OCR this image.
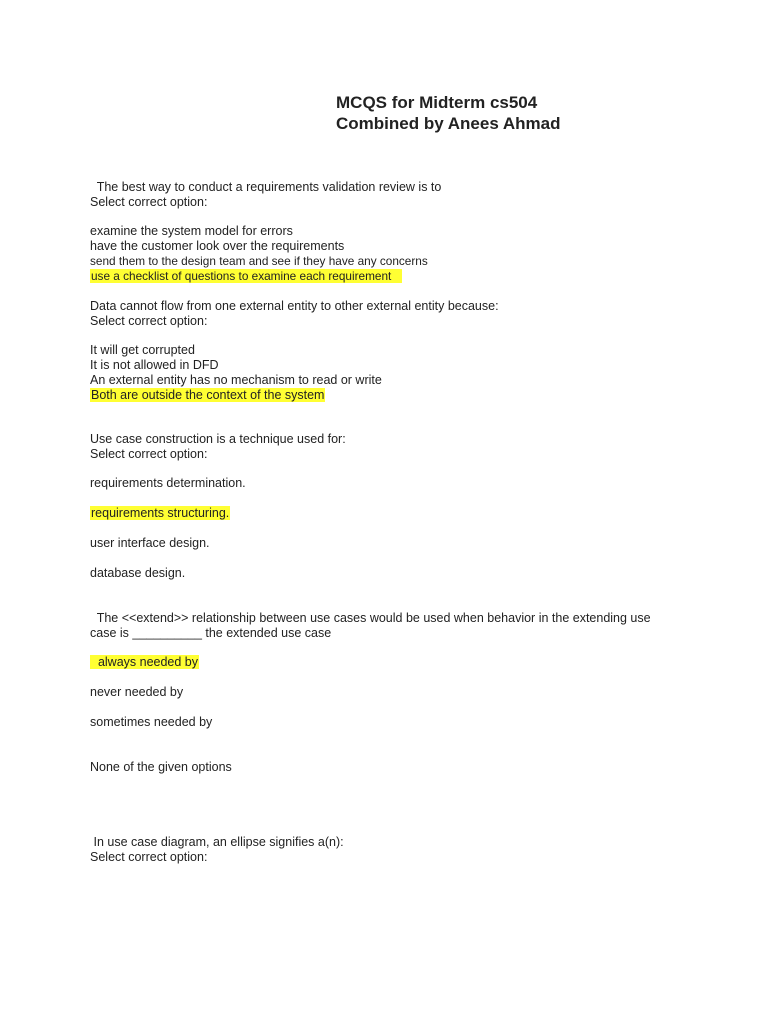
MCQS for Midterm cs504
Combined by Anees Ahmad
The best way to conduct a requirements validation review is to
Select correct option:
examine the system model for errors
have the customer look over the requirements
send them to the design team and see if they have any concerns
use a checklist of questions to examine each requirement
Data cannot flow from one external entity to other external entity because:
Select correct option:
It will get corrupted
It is not allowed in DFD
An external entity has no mechanism to read or write
Both are outside the context of the system
Use case construction is a technique used for:
Select correct option:
requirements determination.
requirements structuring.
user interface design.
database design.
The <<extend>> relationship between use cases would be used when behavior in the extending use
case is __________ the extended use case
always needed by
never needed by
sometimes needed by
None of the given options
In use case diagram, an ellipse signifies a(n):
Select correct option:
